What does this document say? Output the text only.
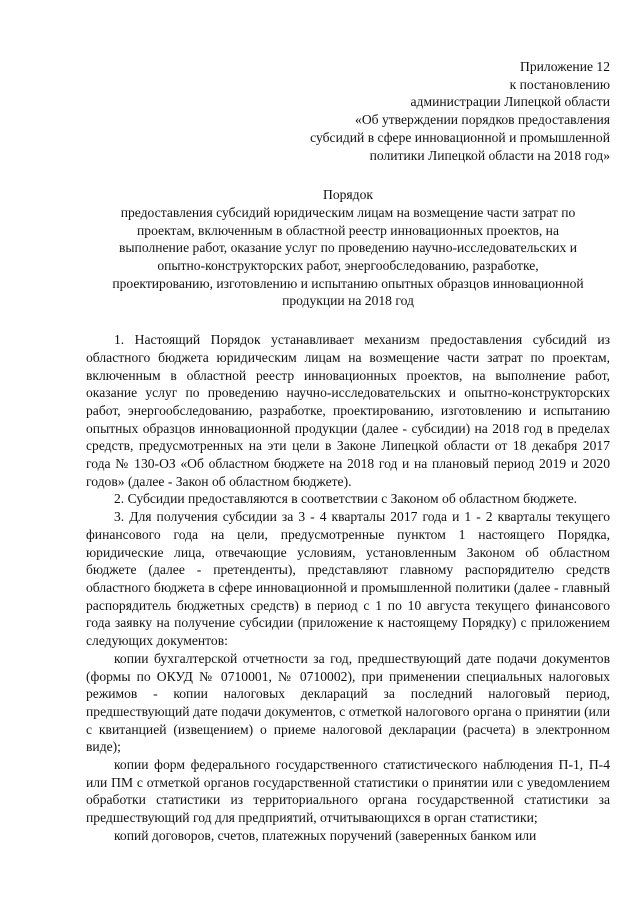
Приложение 12
к постановлению
администрации Липецкой области
«Об утверждении порядков предоставления
субсидий в сфере инновационной и промышленной
политики Липецкой области на 2018 год»
Порядок
предоставления субсидий юридическим лицам на возмещение части затрат по
проектам, включенным в областной реестр инновационных проектов, на
выполнение работ, оказание услуг по проведению научно-исследовательских и
опытно-конструкторских работ, энергообследованию, разработке,
проектированию, изготовлению и испытанию опытных образцов инновационной
продукции на 2018 год

1. Настоящий Порядок устанавливает механизм предоставления субсидий из областного бюджета юридическим лицам на возмещение части затрат по проектам, включенным в областной реестр инновационных проектов, на выполнение работ, оказание услуг по проведению научно-исследовательских и опытно-конструкторских работ, энергообследованию, разработке, проектированию, изготовлению и испытанию опытных образцов инновационной продукции (далее - субсидии) на 2018 год в пределах средств, предусмотренных на эти цели в Законе Липецкой области от 18 декабря 2017 года № 130-ОЗ «Об областном бюджете на 2018 год и на плановый период 2019 и 2020 годов» (далее - Закон об областном бюджете).

2. Субсидии предоставляются в соответствии с Законом об областном бюджете.

3. Для получения субсидии за 3 - 4 кварталы 2017 года и 1 - 2 кварталы текущего финансового года на цели, предусмотренные пунктом 1 настоящего Порядка, юридические лица, отвечающие условиям, установленным Законом об областном бюджете (далее - претенденты), представляют главному распорядителю средств областного бюджета в сфере инновационной и промышленной политики (далее - главный распорядитель бюджетных средств) в период с 1 по 10 августа текущего финансового года заявку на получение субсидии (приложение к настоящему Порядку) с приложением следующих документов:

копии бухгалтерской отчетности за год, предшествующий дате подачи документов (формы по ОКУД № 0710001, № 0710002), при применении специальных налоговых режимов - копии налоговых деклараций за последний налоговый период, предшествующий дате подачи документов, с отметкой налогового органа о принятии (или с квитанцией (извещением) о приеме налоговой декларации (расчета) в электронном виде);

копии форм федерального государственного статистического наблюдения П-1, П-4 или ПМ с отметкой органов государственной статистики о принятии или с уведомлением обработки статистики из территориального органа государственной статистики за предшествующий год для предприятий, отчитывающихся в орган статистики;

копий договоров, счетов, платежных поручений (заверенных банком или
